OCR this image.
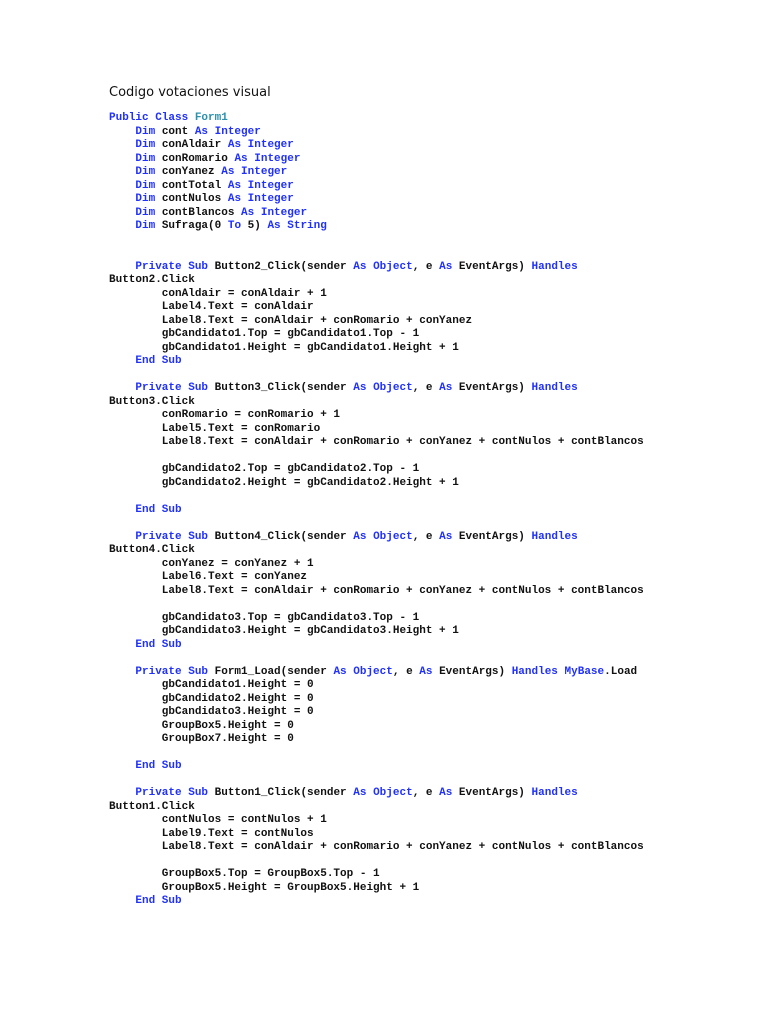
Codigo votaciones visual
Public Class Form1
Dim cont As Integer
Dim conAldair As Integer
Dim conRomario As Integer
Dim conYanez As Integer
Dim contTotal As Integer
Dim contNulos As Integer
Dim contBlancos As Integer
Dim Sufraga(0 To 5) As String
Private Sub Button2_Click(sender As Object, e As EventArgs) Handles
Button2.Click
conAldair = conAldair + 1
Label4.Text = conAldair
Label8.Text = conAldair + conRomario + conYanez
gbCandidato1.Top = gbCandidato1.Top - 1
gbCandidato1.Height = gbCandidato1.Height + 1
End Sub
Private Sub Button3_Click(sender As Object, e As EventArgs) Handles
Button3.Click
conRomario = conRomario + 1
Label5.Text = conRomario
Label8.Text = conAldair + conRomario + conYanez + contNulos + contBlancos
gbCandidato2.Top = gbCandidato2.Top - 1
gbCandidato2.Height = gbCandidato2.Height + 1
End Sub
Private Sub Button4_Click(sender As Object, e As EventArgs) Handles
Button4.Click
conYanez = conYanez + 1
Label6.Text = conYanez
Label8.Text = conAldair + conRomario + conYanez + contNulos + contBlancos
gbCandidato3.Top = gbCandidato3.Top - 1
gbCandidato3.Height = gbCandidato3.Height + 1
End Sub
Private Sub Form1_Load(sender As Object, e As EventArgs) Handles MyBase.Load
gbCandidato1.Height = 0
gbCandidato2.Height = 0
gbCandidato3.Height = 0
GroupBox5.Height = 0
GroupBox7.Height = 0
End Sub
Private Sub Button1_Click(sender As Object, e As EventArgs) Handles
Button1.Click
contNulos = contNulos + 1
Label9.Text = contNulos
Label8.Text = conAldair + conRomario + conYanez + contNulos + contBlancos
GroupBox5.Top = GroupBox5.Top - 1
GroupBox5.Height = GroupBox5.Height + 1
End Sub
